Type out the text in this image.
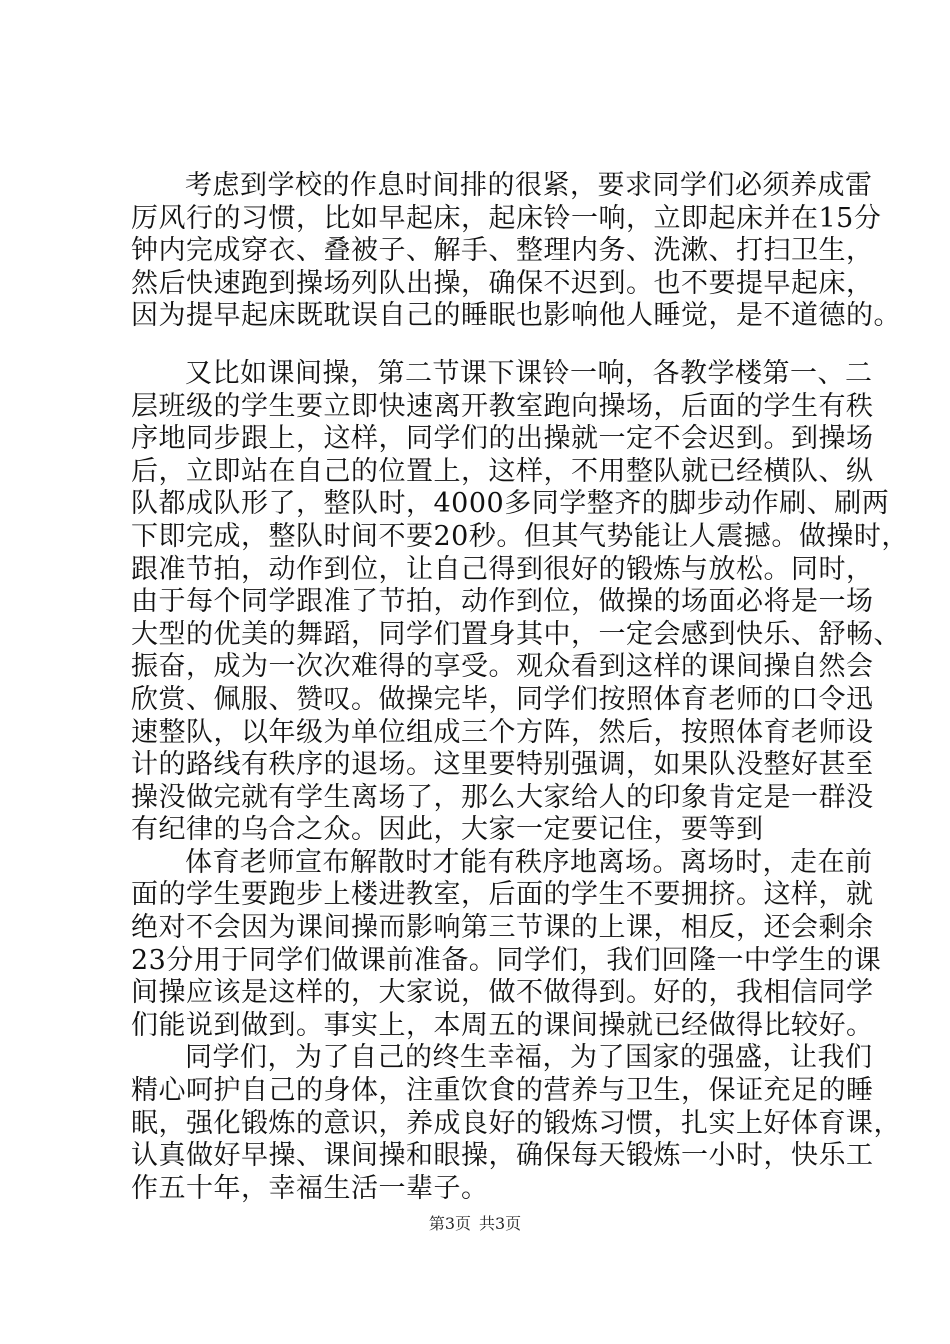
考虑到学校的作息时间排的很紧，要求同学们必须养成雷
厉风行的习惯，比如早起床，起床铃一响，立即起床并在15分
钟内完成穿衣、叠被子、解手、整理内务、洗漱、打扫卫生，
然后快速跑到操场列队出操，确保不迟到。也不要提早起床，
因为提早起床既耽误自己的睡眠也影响他人睡觉，是不道德的。
又比如课间操，第二节课下课铃一响，各教学楼第一、二
层班级的学生要立即快速离开教室跑向操场，后面的学生有秩
序地同步跟上，这样，同学们的出操就一定不会迟到。到操场
后，立即站在自己的位置上，这样，不用整队就已经横队、纵
队都成队形了，整队时，4000多同学整齐的脚步动作刷、刷两
下即完成，整队时间不要20秒。但其气势能让人震撼。做操时，
跟准节拍，动作到位，让自己得到很好的锻炼与放松。同时，
由于每个同学跟准了节拍，动作到位，做操的场面必将是一场
大型的优美的舞蹈，同学们置身其中，一定会感到快乐、舒畅、
振奋，成为一次次难得的享受。观众看到这样的课间操自然会
欣赏、佩服、赞叹。做操完毕，同学们按照体育老师的口令迅
速整队，以年级为单位组成三个方阵，然后，按照体育老师设
计的路线有秩序的退场。这里要特别强调，如果队没整好甚至
操没做完就有学生离场了，那么大家给人的印象肯定是一群没
有纪律的乌合之众。因此，大家一定要记住，要等到
体育老师宣布解散时才能有秩序地离场。离场时，走在前
面的学生要跑步上楼进教室，后面的学生不要拥挤。这样，就
绝对不会因为课间操而影响第三节课的上课，相反，还会剩余
23分用于同学们做课前准备。同学们，我们回隆一中学生的课
间操应该是这样的，大家说，做不做得到。好的，我相信同学
们能说到做到。事实上，本周五的课间操就已经做得比较好。
同学们，为了自己的终生幸福，为了国家的强盛，让我们
精心呵护自己的身体，注重饮食的营养与卫生，保证充足的睡
眠，强化锻炼的意识，养成良好的锻炼习惯，扎实上好体育课，
认真做好早操、课间操和眼操，确保每天锻炼一小时，快乐工
作五十年，幸福生活一辈子。
第3页 共3页
